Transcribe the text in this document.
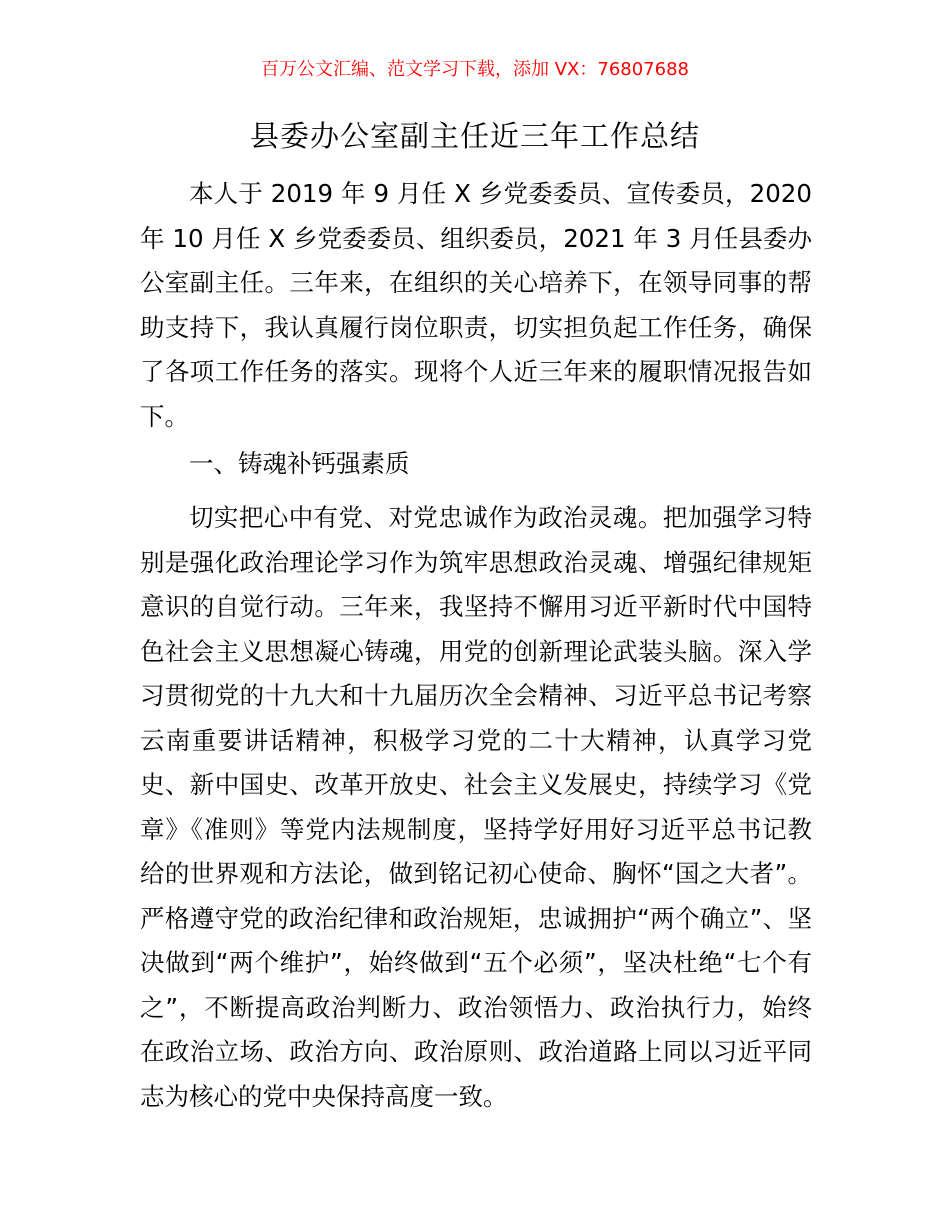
百万公文汇编、范文学习下载，添加 VX：76807688
县委办公室副主任近三年工作总结

本人于 2019 年 9 月任 X 乡党委委员、宣传委员，2020 年 10 月任 X 乡党委委员、组织委员，2021 年 3 月任县委办公室副主任。三年来，在组织的关心培养下，在领导同事的帮助支持下，我认真履行岗位职责，切实担负起工作任务，确保了各项工作任务的落实。现将个人近三年来的履职情况报告如下。

一、铸魂补钙强素质

切实把心中有党、对党忠诚作为政治灵魂。把加强学习特别是强化政治理论学习作为筑牢思想政治灵魂、增强纪律规矩意识的自觉行动。三年来，我坚持不懈用习近平新时代中国特色社会主义思想凝心铸魂，用党的创新理论武装头脑。深入学习贯彻党的十九大和十九届历次全会精神、习近平总书记考察云南重要讲话精神，积极学习党的二十大精神，认真学习党史、新中国史、改革开放史、社会主义发展史，持续学习《党章》《准则》等党内法规制度，坚持学好用好习近平总书记教给的世界观和方法论，做到铭记初心使命、胸怀“国之大者”。严格遵守党的政治纪律和政治规矩，忠诚拥护“两个确立”、坚决做到“两个维护”，始终做到“五个必须”，坚决杜绝“七个有之”，不断提高政治判断力、政治领悟力、政治执行力，始终在政治立场、政治方向、政治原则、政治道路上同以习近平同志为核心的党中央保持高度一致。
